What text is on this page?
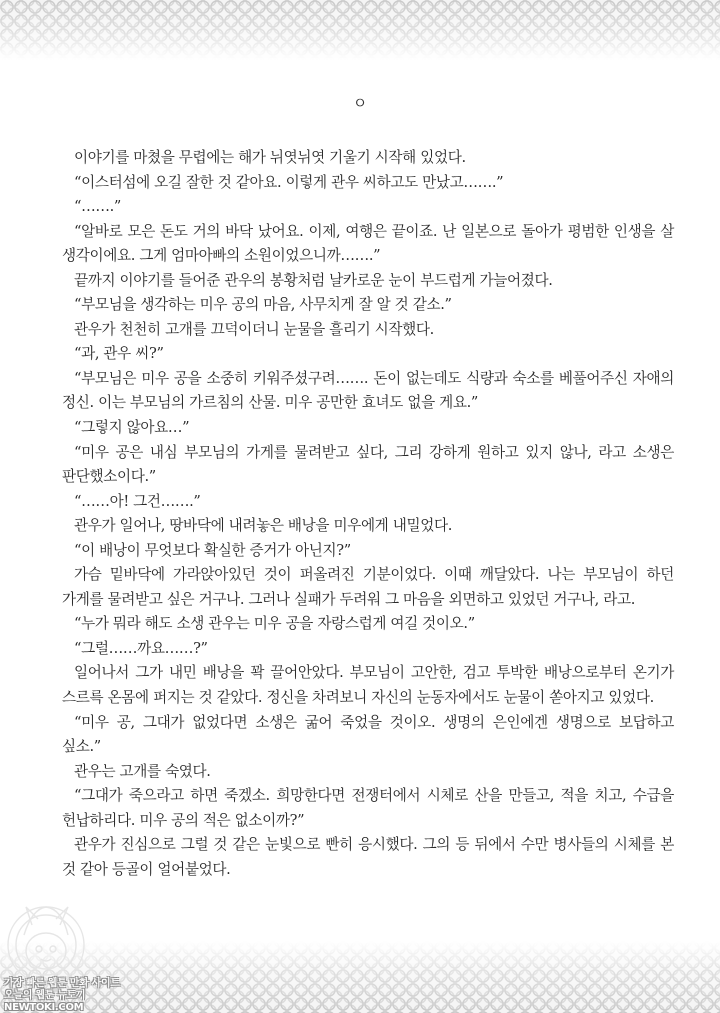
ㅇ

이야기를 마쳤을 무렵에는 해가 뉘엿뉘엿 기울기 시작해 있었다.

“이스터섬에 오길 잘한 것 같아요. 이렇게 관우 씨하고도 만났고…….”

“…….”

“알바로 모은 돈도 거의 바닥 났어요. 이제, 여행은 끝이죠. 난 일본으로 돌아가 평범한 인생을 살 생각이에요. 그게 엄마아빠의 소원이었으니까…….”

끝까지 이야기를 들어준 관우의 봉황처럼 날카로운 눈이 부드럽게 가늘어졌다.

“부모님을 생각하는 미우 공의 마음, 사무치게 잘 알 것 같소.”

관우가 천천히 고개를 끄덕이더니 눈물을 흘리기 시작했다.

“과, 관우 씨?”

“부모님은 미우 공을 소중히 키워주셨구려……. 돈이 없는데도 식량과 숙소를 베풀어주신 자애의 정신. 이는 부모님의 가르침의 산물. 미우 공만한 효녀도 없을 게요.”

“그렇지 않아요…”

“미우 공은 내심 부모님의 가게를 물려받고 싶다, 그리 강하게 원하고 있지 않나, 라고 소생은 판단했소이다.”

“……아! 그건…….”

관우가 일어나, 땅바닥에 내려놓은 배낭을 미우에게 내밀었다.

“이 배낭이 무엇보다 확실한 증거가 아닌지?”

가슴 밑바닥에 가라앉아있던 것이 퍼올려진 기분이었다. 이때 깨달았다. 나는 부모님이 하던 가게를 물려받고 싶은 거구나. 그러나 실패가 두려워 그 마음을 외면하고 있었던 거구나, 라고.

“누가 뭐라 해도 소생 관우는 미우 공을 자랑스럽게 여길 것이오.”

“그럴……까요……?”

일어나서 그가 내민 배낭을 꽉 끌어안았다. 부모님이 고안한, 검고 투박한 배낭으로부터 온기가 스르륵 온몸에 퍼지는 것 같았다. 정신을 차려보니 자신의 눈동자에서도 눈물이 쏟아지고 있었다.

“미우 공, 그대가 없었다면 소생은 굶어 죽었을 것이오. 생명의 은인에겐 생명으로 보답하고 싶소.”

관우는 고개를 숙였다.

“그대가 죽으라고 하면 죽겠소. 희망한다면 전쟁터에서 시체로 산을 만들고, 적을 치고, 수급을 헌납하리다. 미우 공의 적은 없소이까?”

관우가 진심으로 그럴 것 같은 눈빛으로 빤히 응시했다. 그의 등 뒤에서 수만 병사들의 시체를 본 것 같아 등골이 얼어붙었다.

가장 빠른 웹툰 만화 사이트
오늘의 웹툰 뉴토끼
NEWTOKI.COM
